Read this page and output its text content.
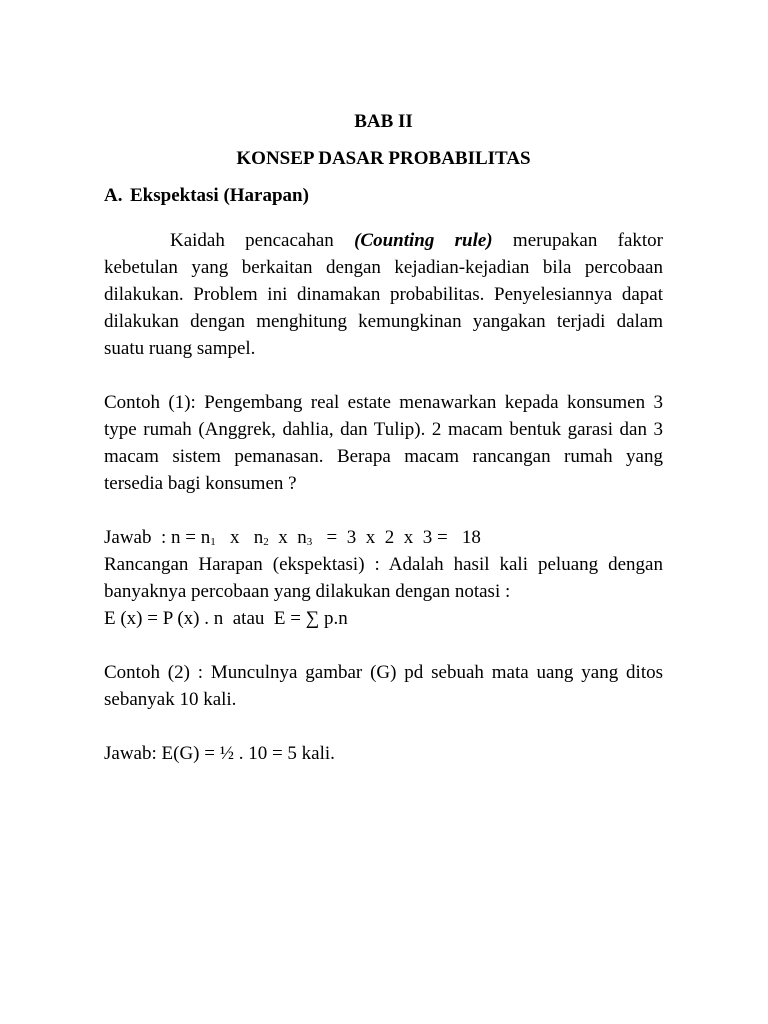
BAB II

KONSEP DASAR PROBABILITAS

A. Ekspektasi (Harapan)

Kaidah pencacahan (Counting rule) merupakan faktor kebetulan yang berkaitan dengan kejadian-kejadian bila percobaan dilakukan. Problem ini dinamakan probabilitas. Penyelesiannya dapat dilakukan dengan menghitung kemungkinan yangakan terjadi dalam suatu ruang sampel.

Contoh (1): Pengembang real estate menawarkan kepada konsumen 3 type rumah (Anggrek, dahlia, dan Tulip). 2 macam bentuk garasi dan 3 macam sistem pemanasan. Berapa macam rancangan rumah yang tersedia bagi konsumen ?

Jawab  : $n = n_1$   x   $n_2$  x  $n_3 = 3$  x  2  x  3 =   18

Rancangan Harapan (ekspektasi) : Adalah hasil kali peluang dengan banyaknya percobaan yang dilakukan dengan notasi :

E (x) = P (x) . n  atau  E = ∑ p.n

Contoh (2) : Munculnya gambar (G) pd sebuah mata uang yang ditos sebanyak 10 kali.

Jawab: E(G) = ½ . 10 = 5 kali.
